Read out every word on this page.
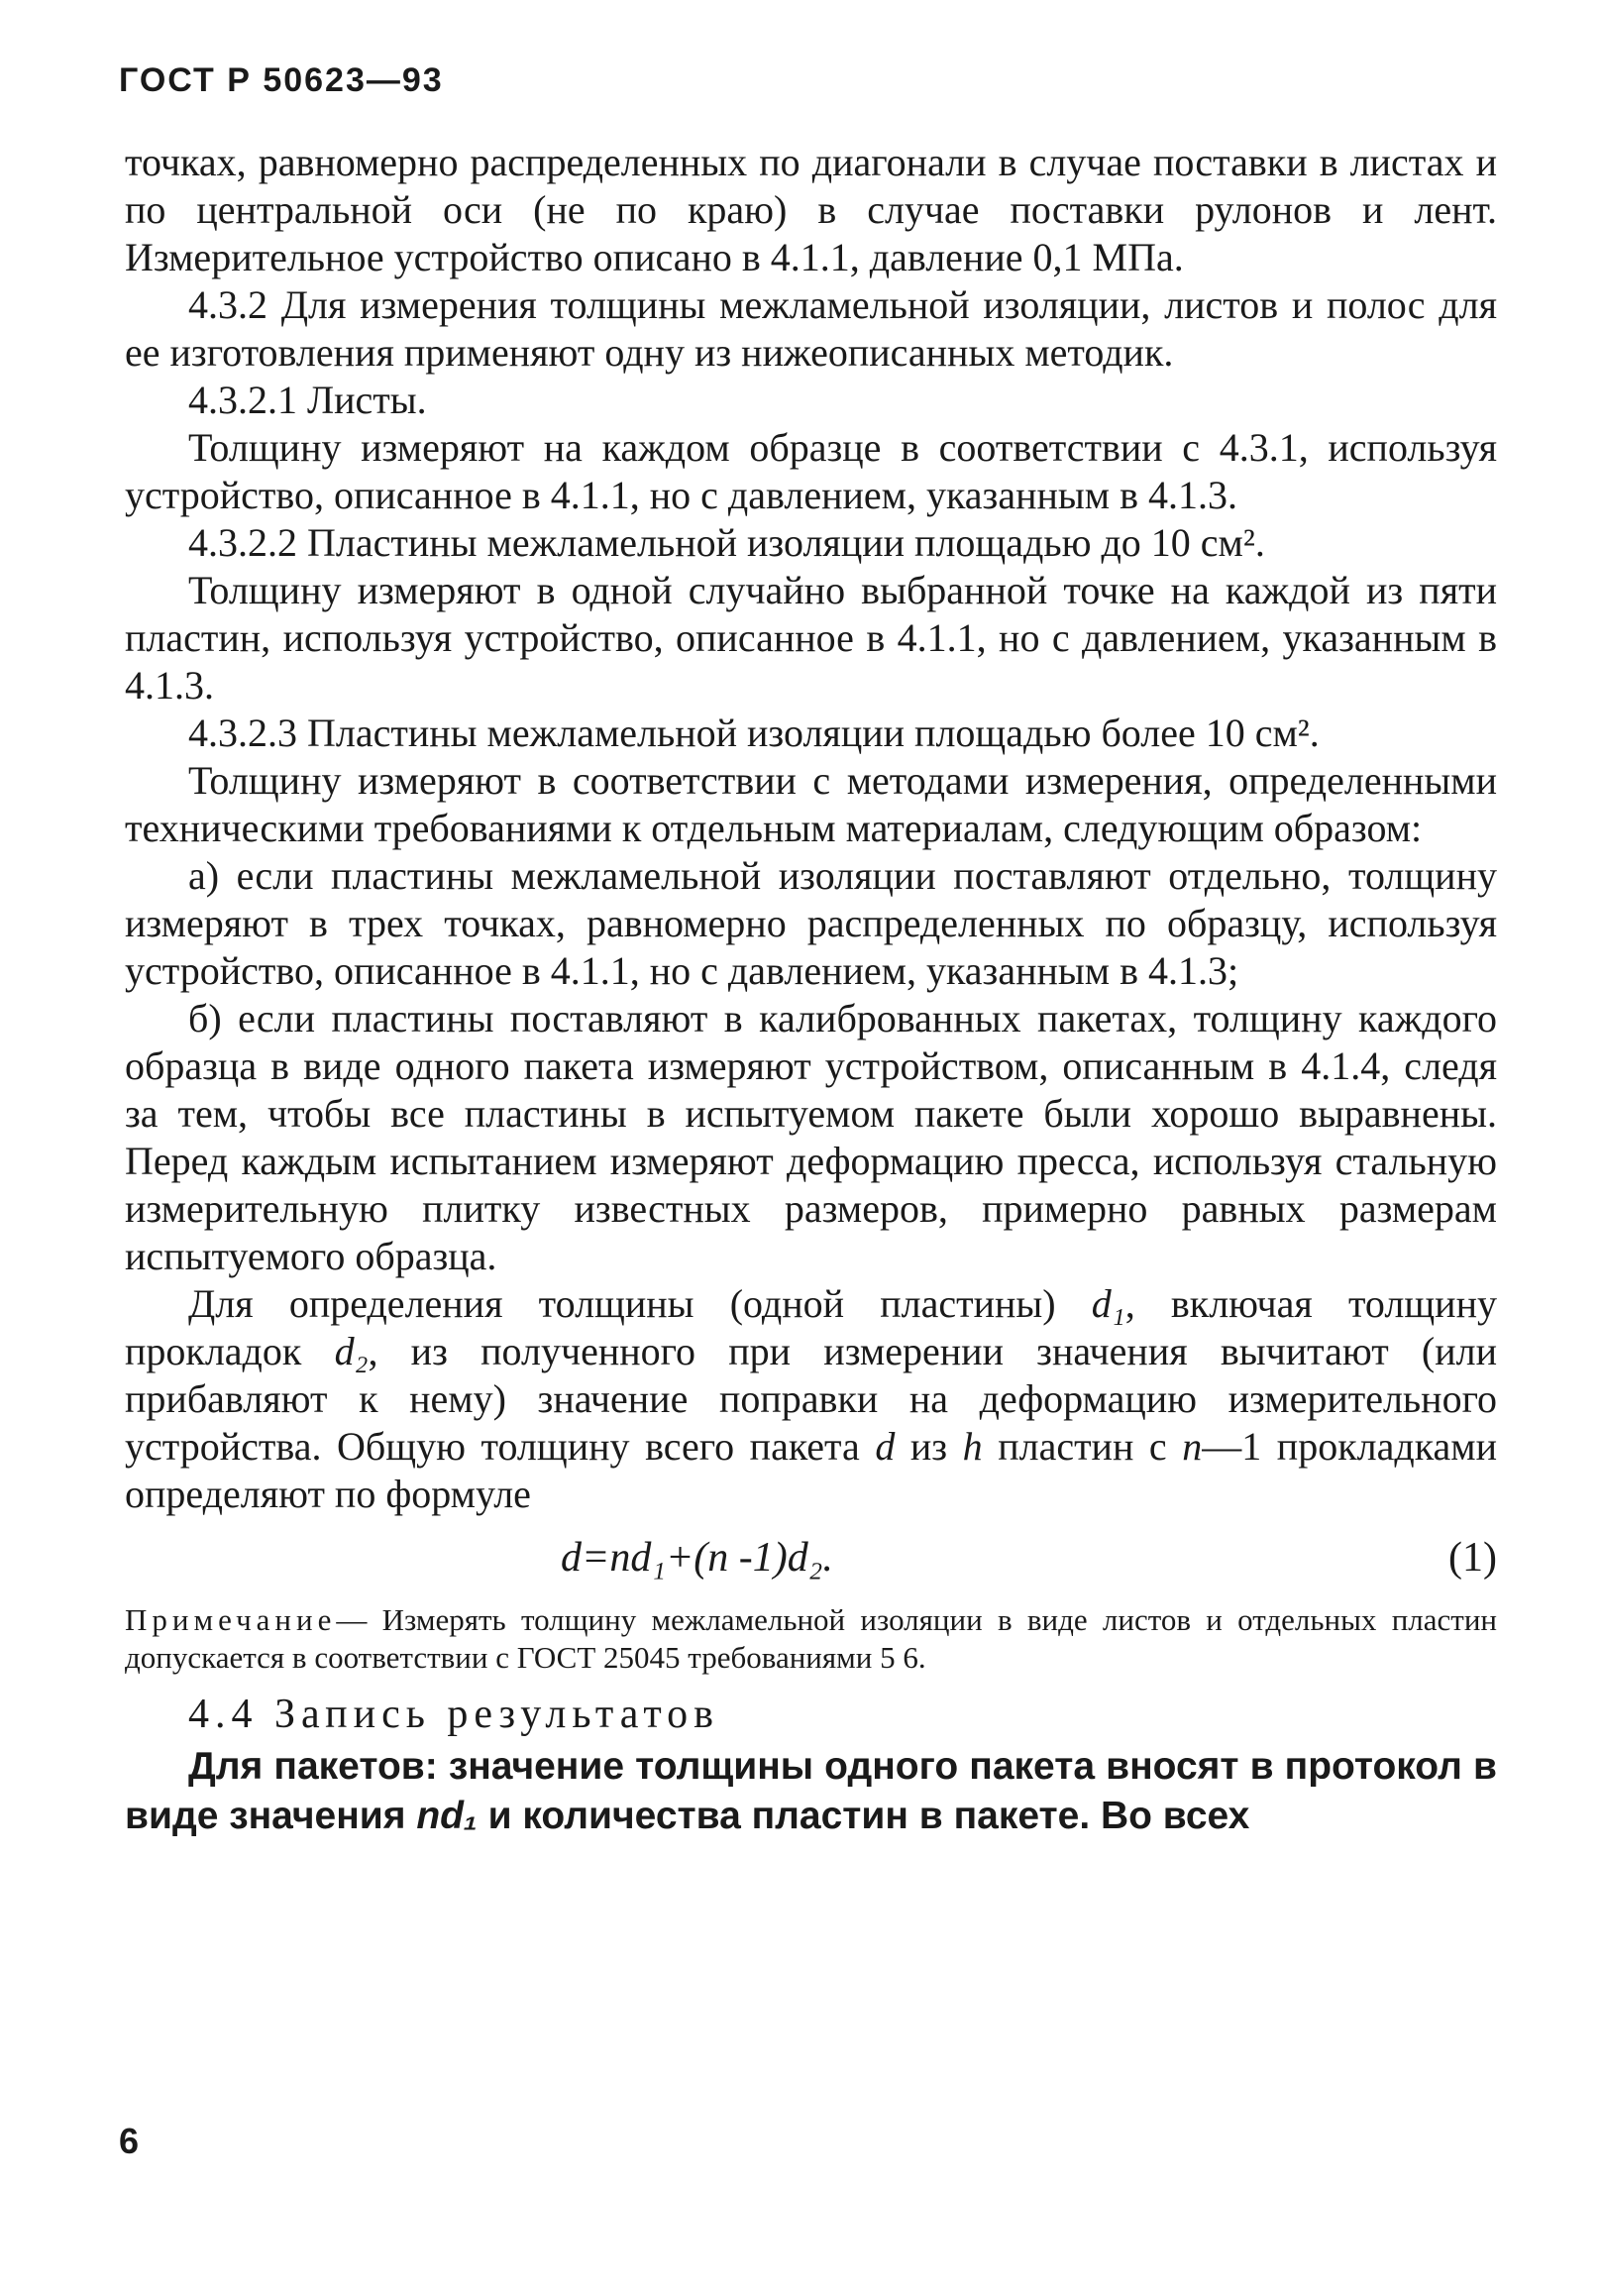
ГОСТ Р 50623—93

точках, равномерно распределенных по диагонали в случае поставки в листах и по центральной оси (не по краю) в случае поставки рулонов и лент. Измерительное устройство описано в 4.1.1, давление 0,1 МПа.

4.3.2 Для измерения толщины межламельной изоляции, листов и полос для ее изготовления применяют одну из нижеописанных методик.

4.3.2.1 Листы.

Толщину измеряют на каждом образце в соответствии с 4.3.1, используя устройство, описанное в 4.1.1, но с давлением, указанным в 4.1.3.

4.3.2.2 Пластины межламельной изоляции площадью до 10 см².

Толщину измеряют в одной случайно выбранной точке на каждой из пяти пластин, используя устройство, описанное в 4.1.1, но с давлением, указанным в 4.1.3.

4.3.2.3 Пластины межламельной изоляции площадью более 10 см².

Толщину измеряют в соответствии с методами измерения, определенными техническими требованиями к отдельным материалам, следующим образом:

а) если пластины межламельной изоляции поставляют отдельно, толщину измеряют в трех точках, равномерно распределенных по образцу, используя устройство, описанное в 4.1.1, но с давлением, указанным в 4.1.3;

б) если пластины поставляют в калиброванных пакетах, толщину каждого образца в виде одного пакета измеряют устройством, описанным в 4.1.4, следя за тем, чтобы все пластины в испытуемом пакете были хорошо выравнены. Перед каждым испытанием измеряют деформацию пресса, используя стальную измерительную плитку известных размеров, примерно равных размерам испытуемого образца.

Для определения толщины (одной пластины) d₁, включая толщину прокладок d₂, из полученного при измерении значения вычитают (или прибавляют к нему) значение поправки на деформацию измерительного устройства. Общую толщину всего пакета d из h пластин с n—1 прокладками определяют по формуле

d=nd₁+(n -1)d₂.	(1)

Примечание— Измерять толщину межламельной изоляции в виде листов и отдельных пластин допускается в соответствии с ГОСТ 25045 требованиями 5 6.

4.4 Запись результатов

Для пакетов: значение толщины одного пакета вносят в протокол в виде значения nd₁ и количества пластин в пакете. Во всех

6
